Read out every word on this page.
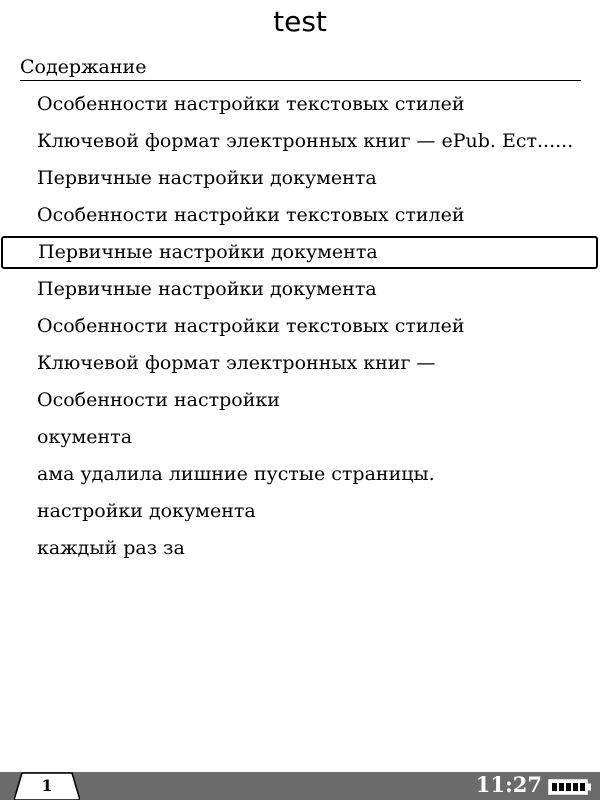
test
Содержание
Особенности настройки текстовых стилей
Ключевой формат электронных книг — ePub. Ест......
Первичные настройки документа
Особенности настройки текстовых стилей
Первичные настройки документа
Первичные настройки документа
Особенности настройки текстовых стилей
Ключевой формат электронных книг —
Особенности настройки
окумента
ама удалила лишние пустые страницы.
настройки документа
каждый раз за
1	11:27
